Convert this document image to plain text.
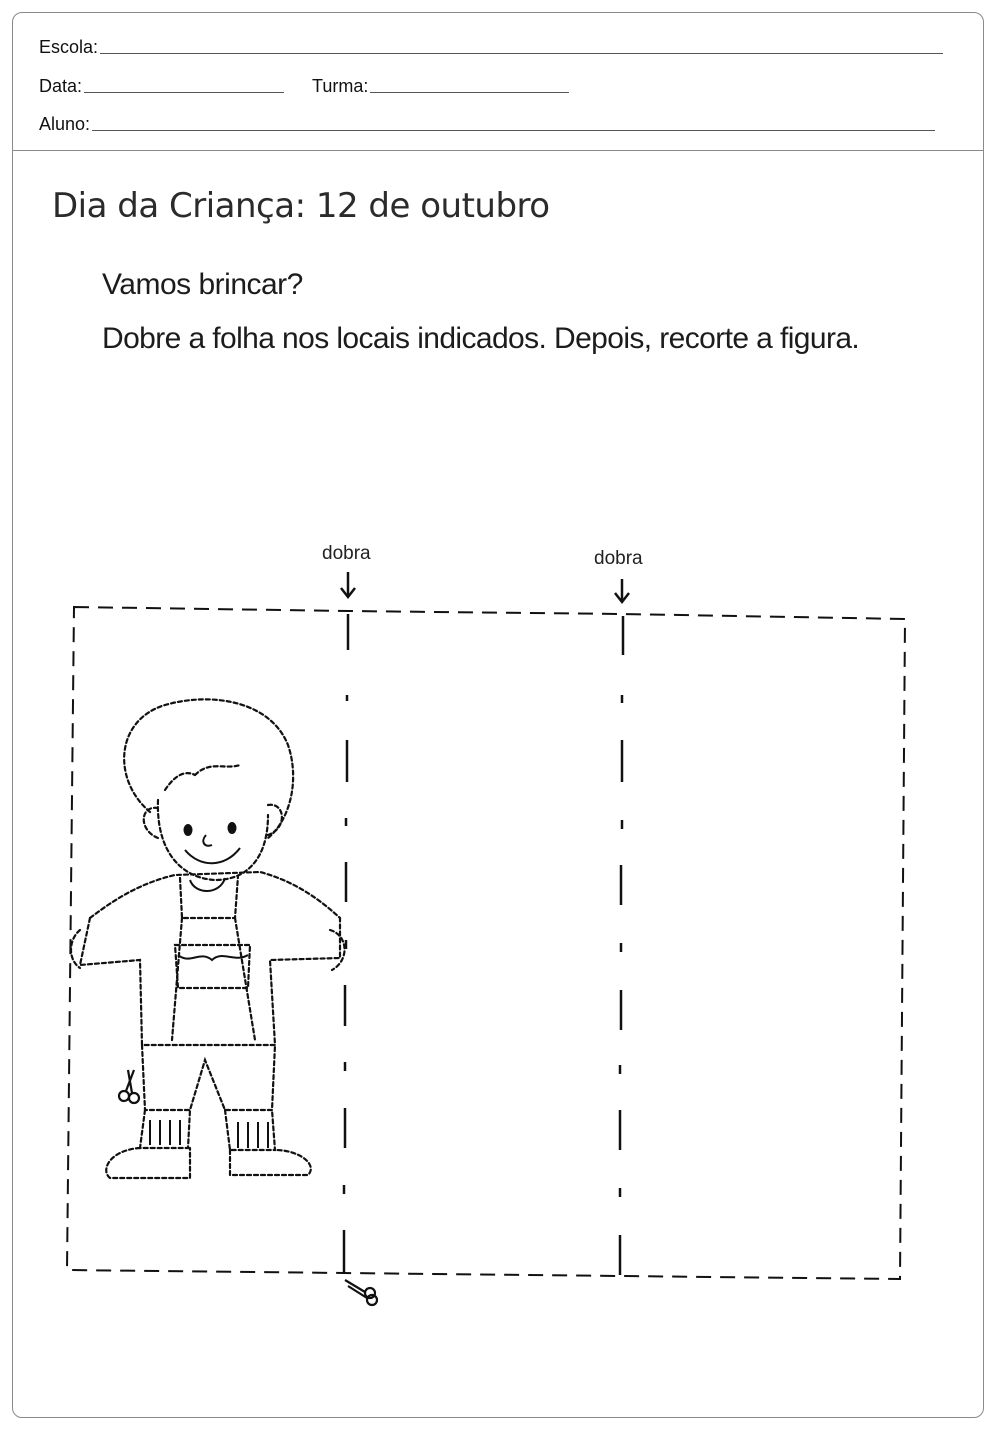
Escola:
Data:	Turma:
Aluno:
Dia da Criança: 12 de outubro
Vamos brincar?
Dobre a folha nos locais indicados. Depois, recorte a figura.
dobra	dobra
